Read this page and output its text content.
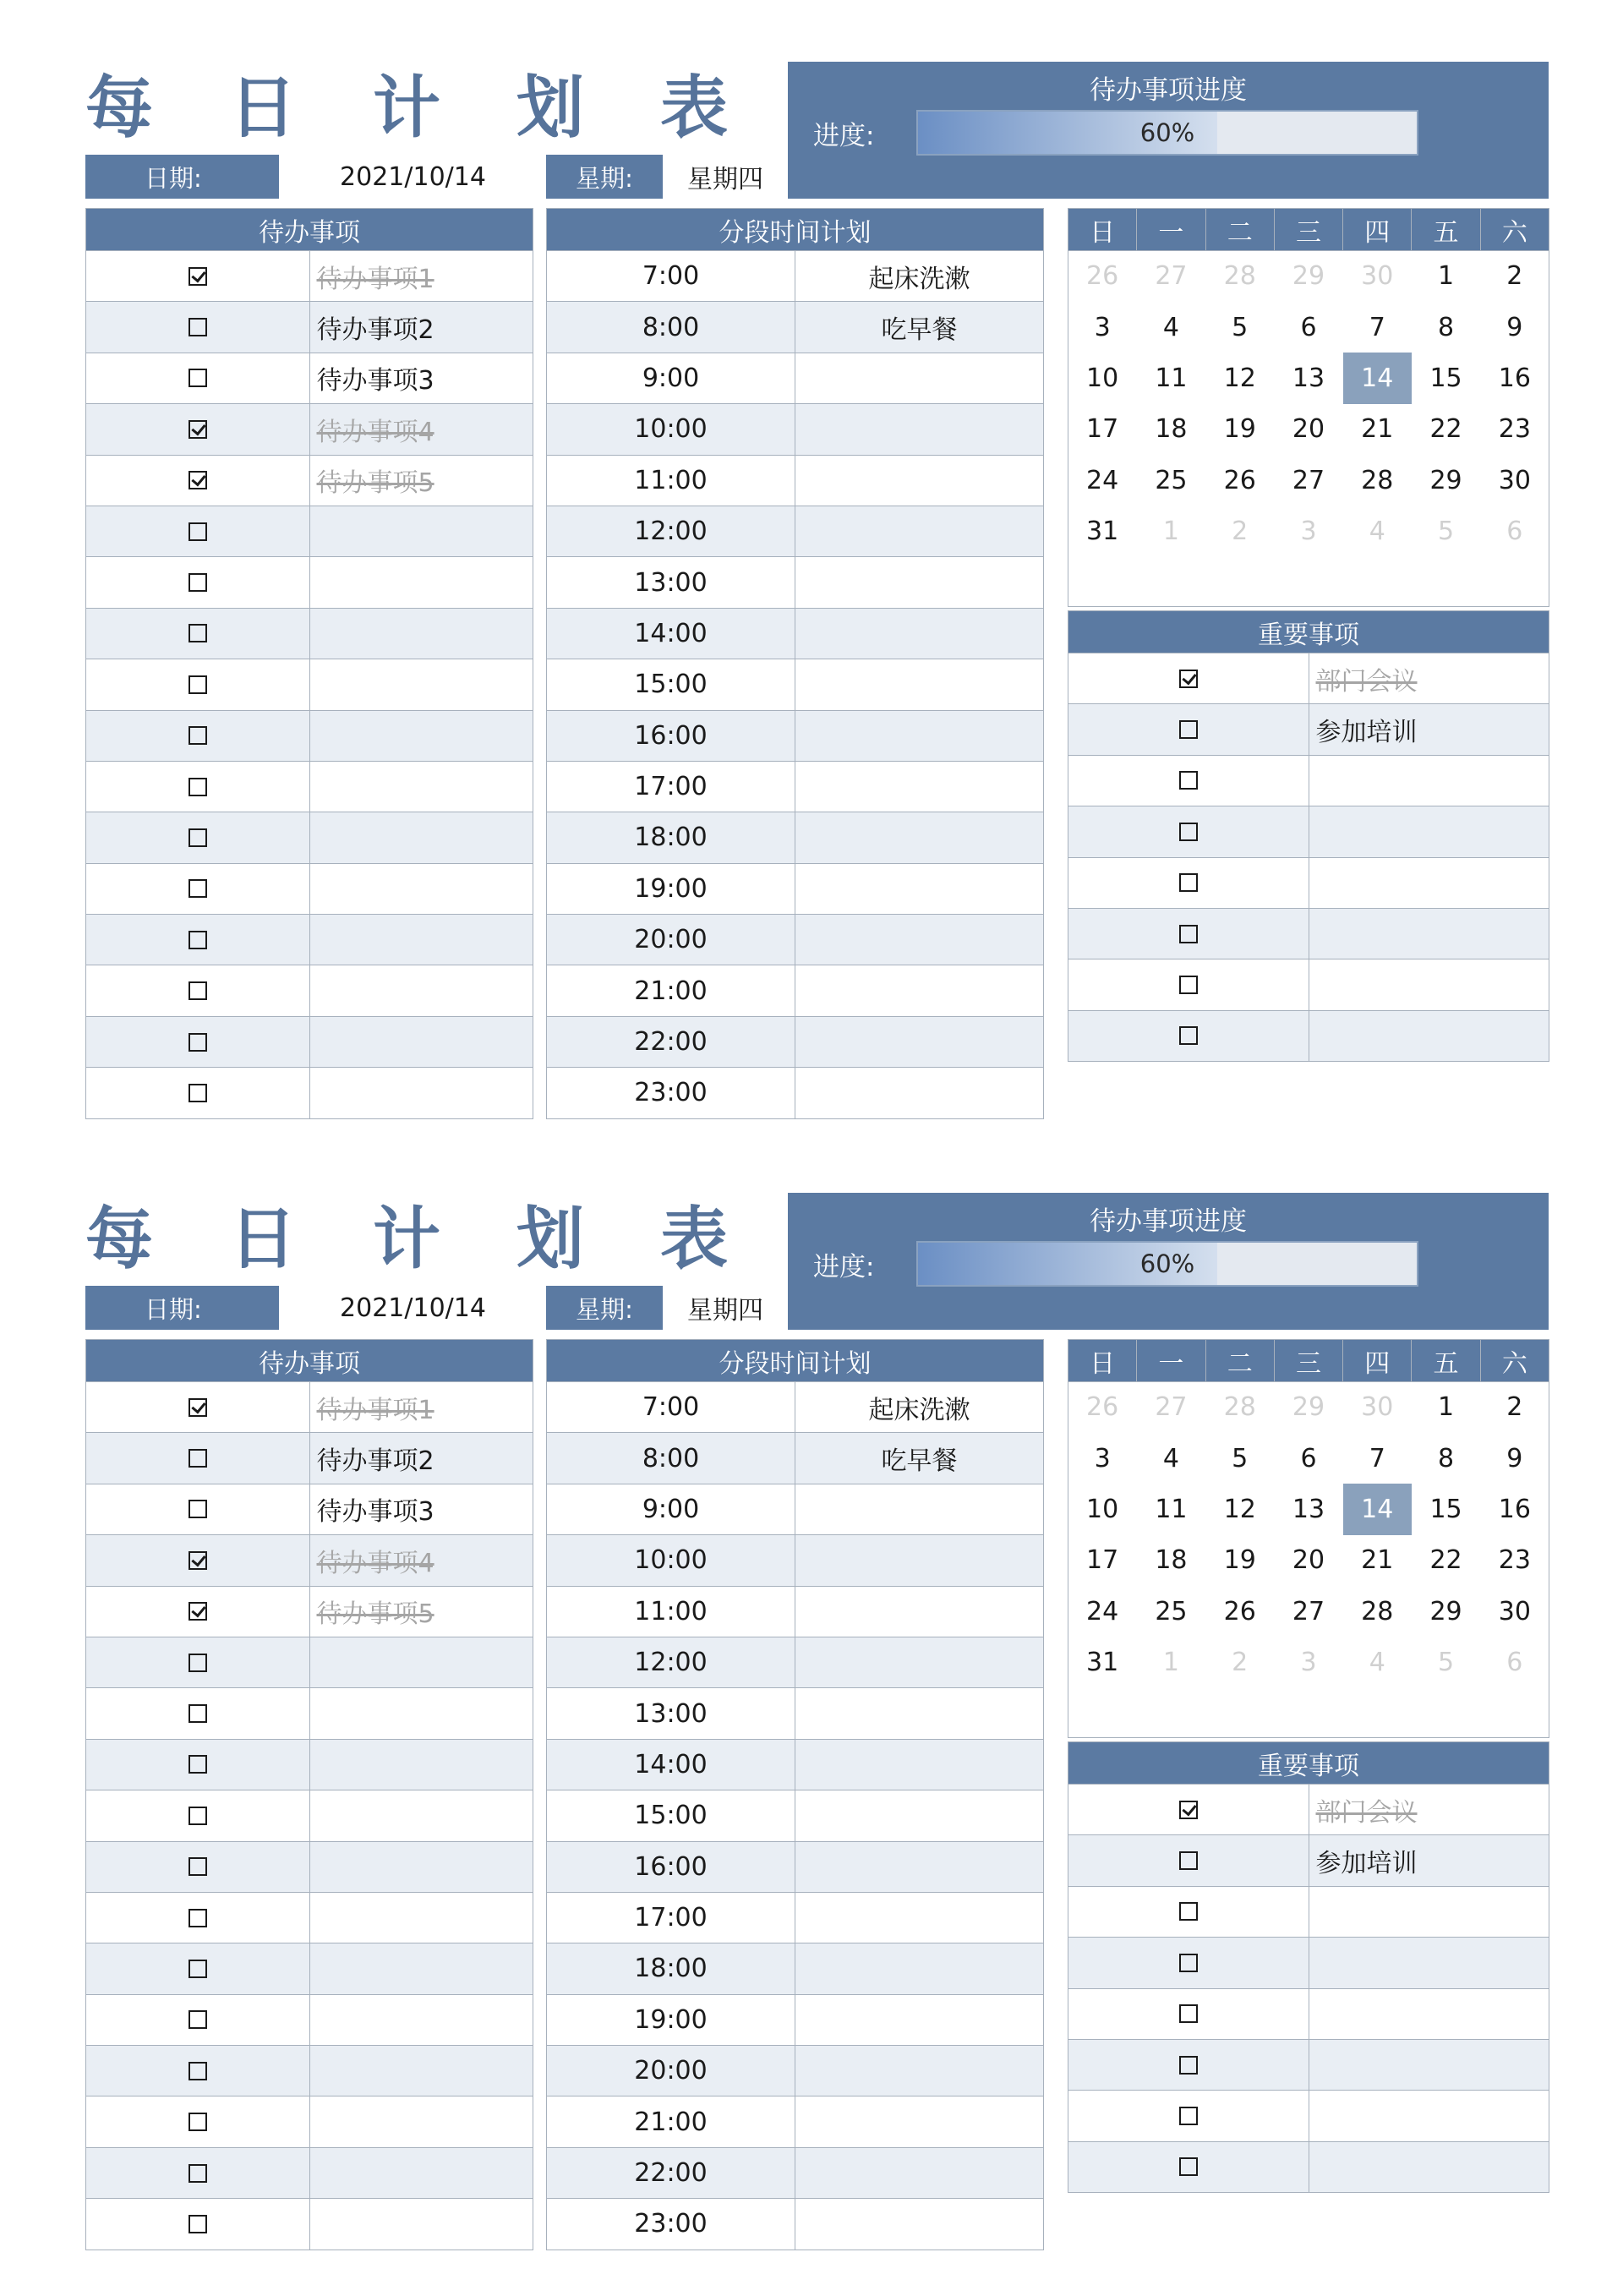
每 日 计 划 表
日期:	2021/10/14	星期:	星期四
待办事项进度
进度:	60%
待办事项	
	待办事项1
	待办事项2
	待办事项3
	待办事项4
	待办事项5

分段时间计划	
7:00	起床洗漱
8:00	吃早餐
9:00	
10:00	
11:00	
12:00	
13:00	
14:00	
15:00	
16:00	
17:00	
18:00	
19:00	
20:00	
21:00	
22:00	
23:00	
日	一	二	三	四	五	六
26	27	28	29	30	1	2
3	4	5	6	7	8	9
10	11	12	13	14	15	16
17	18	19	20	21	22	23
24	25	26	27	28	29	30
31	1	2	3	4	5	6
重要事项	
	部门会议
	参加培训

每 日 计 划 表
日期:	2021/10/14	星期:	星期四
待办事项进度
进度:	60%
待办事项	
	待办事项1
	待办事项2
	待办事项3
	待办事项4
	待办事项5

分段时间计划	
7:00	起床洗漱
8:00	吃早餐
9:00	
10:00	
11:00	
12:00	
13:00	
14:00	
15:00	
16:00	
17:00	
18:00	
19:00	
20:00	
21:00	
22:00	
23:00	
日	一	二	三	四	五	六
26	27	28	29	30	1	2
3	4	5	6	7	8	9
10	11	12	13	14	15	16
17	18	19	20	21	22	23
24	25	26	27	28	29	30
31	1	2	3	4	5	6
重要事项	
	部门会议
	参加培训
